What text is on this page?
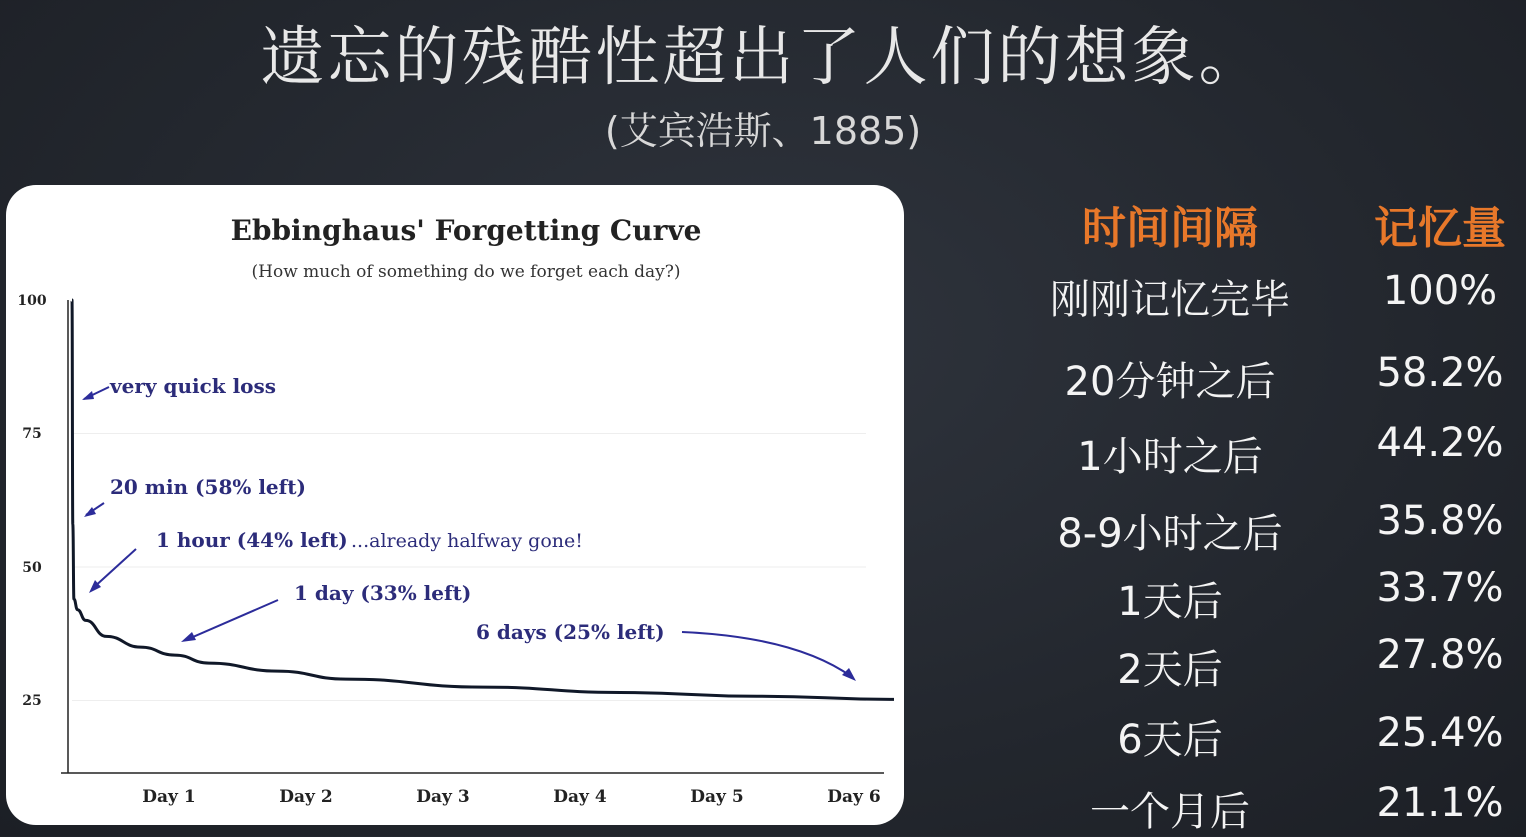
遗忘的残酷性超出了人们的想象。
(艾宾浩斯、1885)
Ebbinghaus' Forgetting Curve
(How much of something do we forget each day?)
100
75
50
25
Day 1	Day 2	Day 3	Day 4	Day 5	Day 6
very quick loss
20 min (58% left)
1 hour (44% left) ...already halfway gone!
1 day (33% left)
6 days (25% left)
时间间隔	记忆量
刚刚记忆完毕	100%
20分钟之后	58.2%
1小时之后	44.2%
8-9小时之后	35.8%
1天后	33.7%
2天后	27.8%
6天后	25.4%
一个月后	21.1%
